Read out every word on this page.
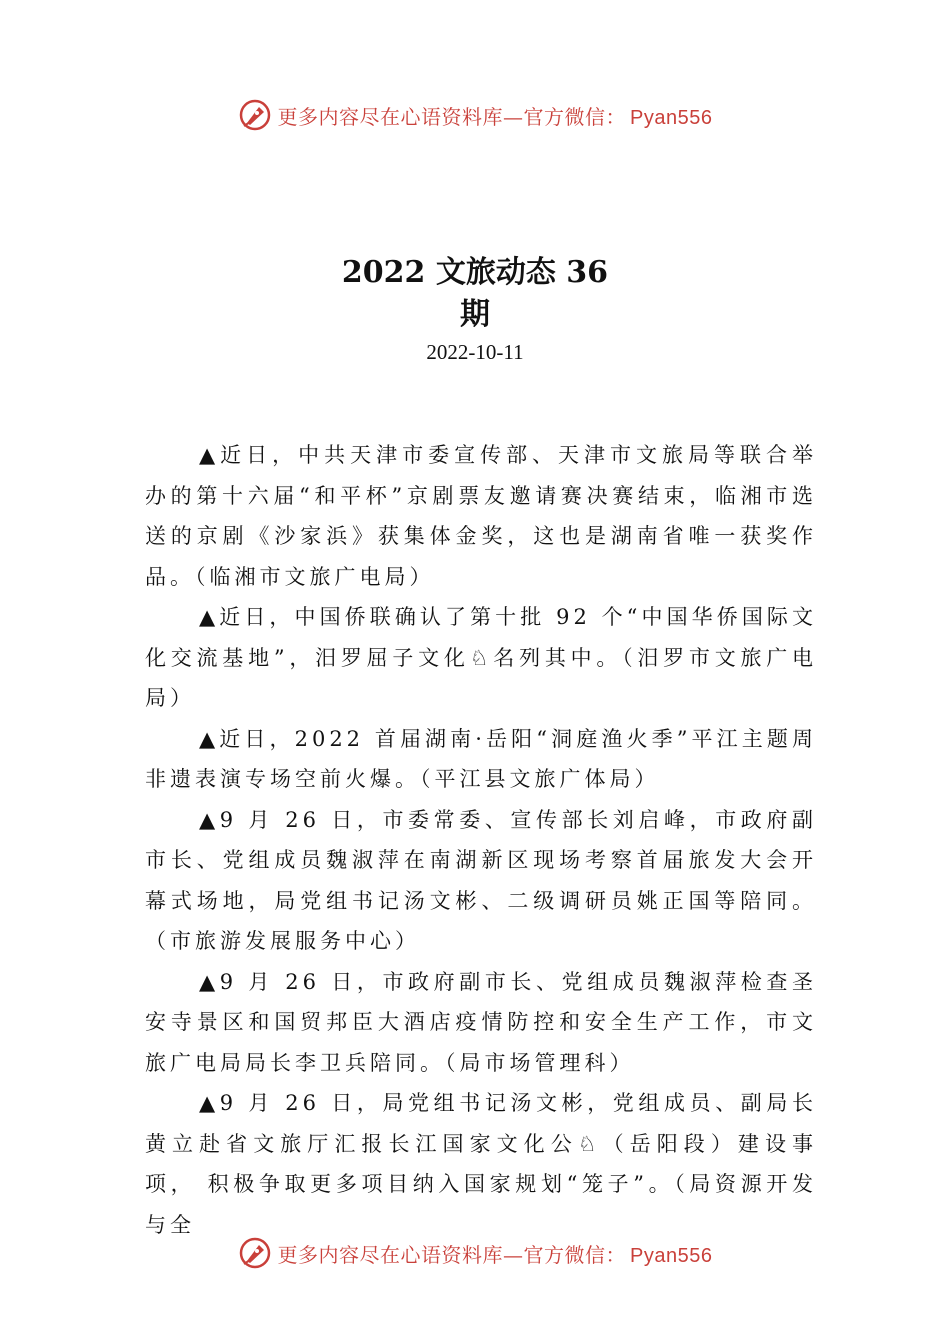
更多内容尽在心语资料库—官方微信： Pyan556
2022 文旅动态 36
期
2022-10-11

▲近日，中共天津市委宣传部、天津市文旅局等联合举办的第十六届“和平杯”京剧票友邀请赛决赛结束，临湘市选送的京剧《沙家浜》获集体金奖，这也是湖南省唯一获奖作品。（临湘市文旅广电局）

▲近日，中国侨联确认了第十批 92 个“中国华侨国际文化交流基地”，汨罗屈子文化♘名列其中。（汨罗市文旅广电局）

▲近日，2022 首届湖南·岳阳“洞庭渔火季”平江主题周非遗表演专场空前火爆。（平江县文旅广体局）

▲9 月 26 日，市委常委、宣传部长刘启峰，市政府副市长、党组成员魏淑萍在南湖新区现场考察首届旅发大会开幕式场地，局党组书记汤文彬、二级调研员姚正国等陪同。（市旅游发展服务中心）

▲9 月 26 日，市政府副市长、党组成员魏淑萍检查圣安寺景区和国贸邦臣大酒店疫情防控和安全生产工作，市文旅广电局局长李卫兵陪同。（局市场管理科）

▲9 月 26 日，局党组书记汤文彬，党组成员、副局长黄立赴省文旅厅汇报长江国家文化公♘（岳阳段）建设事项， 积极争取更多项目纳入国家规划“笼子”。（局资源开发与全

更多内容尽在心语资料库—官方微信： Pyan556
